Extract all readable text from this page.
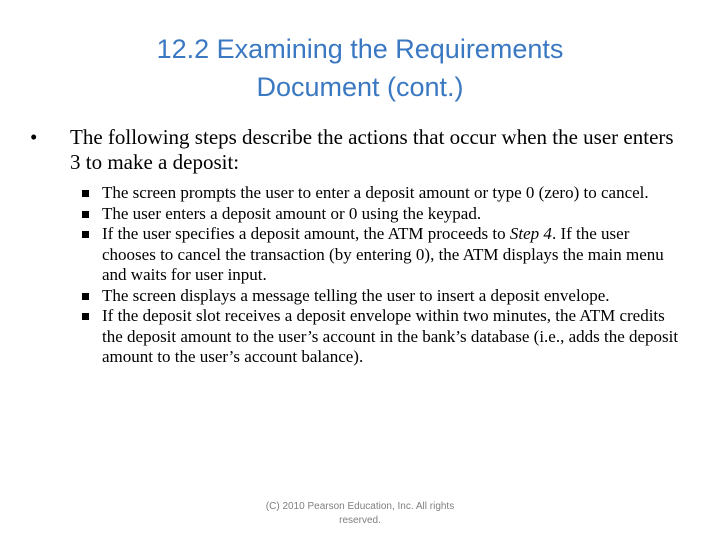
12.2 Examining the Requirements
Document (cont.)
• The following steps describe the actions that occur when the user enters 3 to make a deposit:
The screen prompts the user to enter a deposit amount or type 0 (zero) to cancel.
The user enters a deposit amount or 0 using the keypad.
If the user specifies a deposit amount, the ATM proceeds to Step 4. If the user chooses to cancel the transaction (by entering 0), the ATM displays the main menu and waits for user input.
The screen displays a message telling the user to insert a deposit envelope.
If the deposit slot receives a deposit envelope within two minutes, the ATM credits the deposit amount to the user’s account in the bank’s database (i.e., adds the deposit amount to the user’s account balance).
(C) 2010 Pearson Education, Inc. All rights reserved.
